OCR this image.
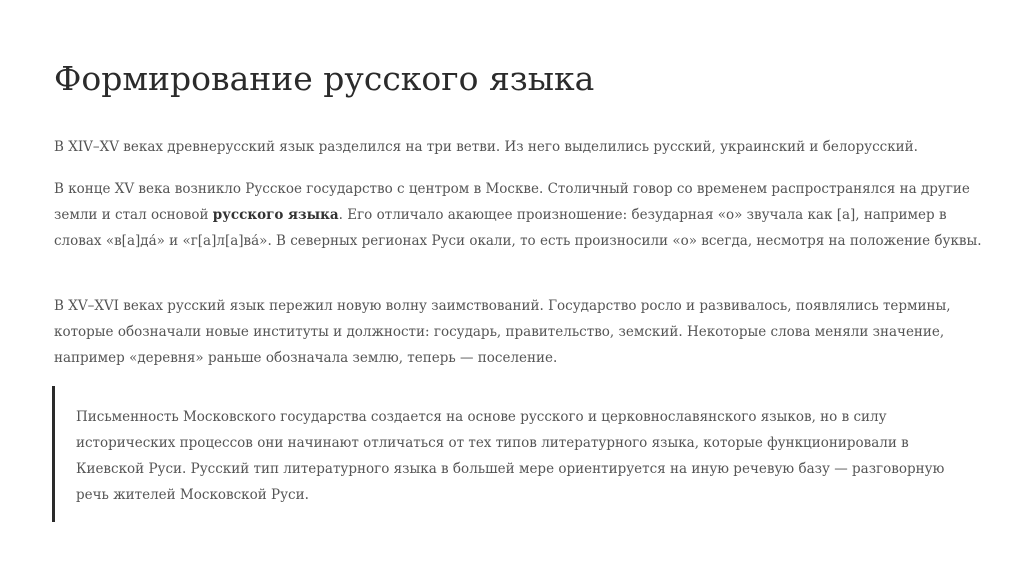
Формирование русского языка

В XIV–XV веках древнерусский язык разделился на три ветви. Из него выделились русский, украинский и белорусский.

В конце XV века возникло Русское государство с центром в Москве. Столичный говор со временем распространялся на другие земли и стал основой русского языка. Его отличало акающее произношение: безударная «о» звучала как [а], например в словах «в[а]да́» и «г[а]л[а]ва́». В северных регионах Руси окали, то есть произносили «о» всегда, несмотря на положение буквы.

В XV–XVI веках русский язык пережил новую волну заимствований. Государство росло и развивалось, появлялись термины, которые обозначали новые институты и должности: государь, правительство, земский. Некоторые слова меняли значение, например «деревня» раньше обозначала землю, теперь — поселение.

Письменность Московского государства создается на основе русского и церковнославянского языков, но в силу исторических процессов они начинают отличаться от тех типов литературного языка, которые функционировали в Киевской Руси. Русский тип литературного языка в большей мере ориентируется на иную речевую базу — разговорную речь жителей Московской Руси.
